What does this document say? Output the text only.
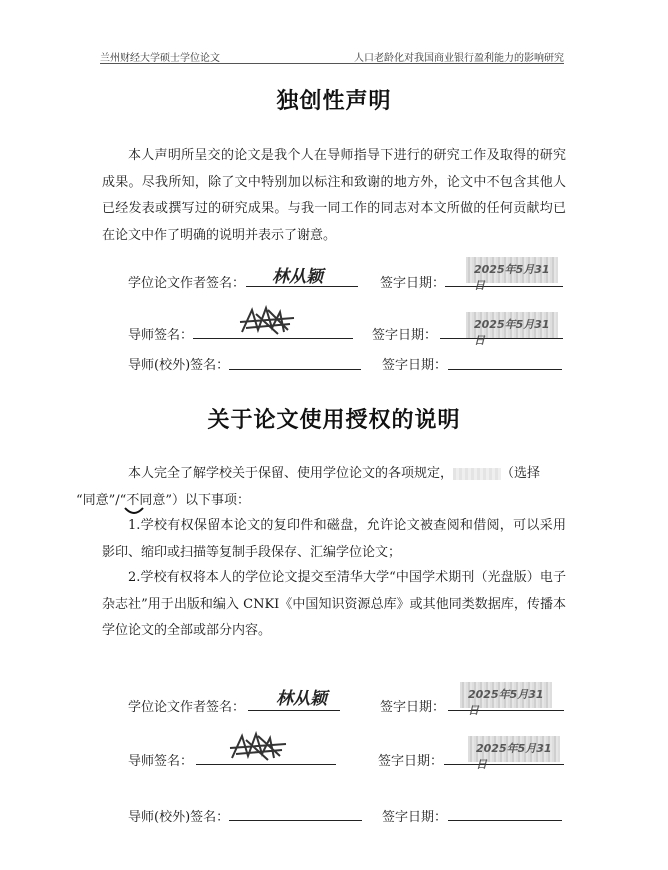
兰州财经大学硕士学位论文	人口老龄化对我国商业银行盈利能力的影响研究
独创性声明
本人声明所呈交的论文是我个人在导师指导下进行的研究工作及取得的研究成果。尽我所知，除了文中特别加以标注和致谢的地方外，论文中不包含其他人已经发表或撰写过的研究成果。与我一同工作的同志对本文所做的任何贡献均已在论文中作了明确的说明并表示了谢意。
学位论文作者签名： 林从颖	签字日期：
2025年5月31日
导师签名：	签字日期：
2025年5月31日
导师(校外)签名：	签字日期：
关于论文使用授权的说明
本人完全了解学校关于保留、使用学位论文的各项规定，	（选择
“同意”/“不同意”）以下事项：
1.学校有权保留本论文的复印件和磁盘，允许论文被查阅和借阅，可以采用影印、缩印或扫描等复制手段保存、汇编学位论文；
2.学校有权将本人的学位论文提交至清华大学“中国学术期刊（光盘版）电子杂志社”用于出版和编入 CNKI《中国知识资源总库》或其他同类数据库，传播本学位论文的全部或部分内容。
学位论文作者签名： 林从颖	签字日期：
2025年5月31日
导师签名：	签字日期：
2025年5月31日
导师(校外)签名：	签字日期：
